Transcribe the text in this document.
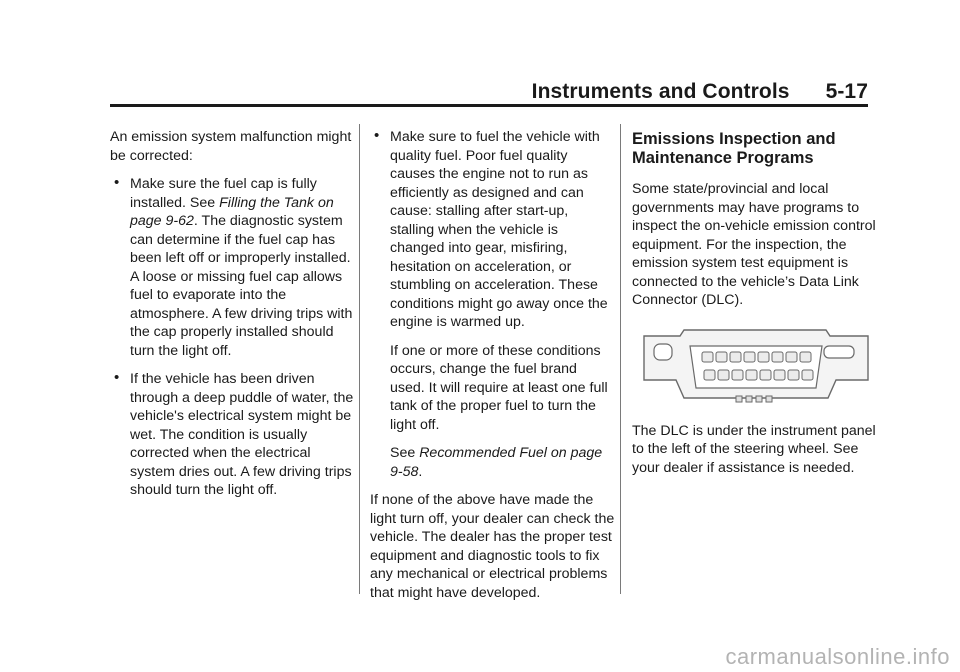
Instruments and Controls 5-17

An emission system malfunction might be corrected:

• Make sure the fuel cap is fully installed. See Filling the Tank on page 9-62. The diagnostic system can determine if the fuel cap has been left off or improperly installed. A loose or missing fuel cap allows fuel to evaporate into the atmosphere. A few driving trips with the cap properly installed should turn the light off.
• If the vehicle has been driven through a deep puddle of water, the vehicle's electrical system might be wet. The condition is usually corrected when the electrical system dries out. A few driving trips should turn the light off.
• Make sure to fuel the vehicle with quality fuel. Poor fuel quality causes the engine not to run as efficiently as designed and can cause: stalling after start-up, stalling when the vehicle is changed into gear, misfiring, hesitation on acceleration, or stumbling on acceleration. These conditions might go away once the engine is warmed up.

If one or more of these conditions occurs, change the fuel brand used. It will require at least one full tank of the proper fuel to turn the light off.

See Recommended Fuel on page 9-58.

If none of the above have made the light turn off, your dealer can check the vehicle. The dealer has the proper test equipment and diagnostic tools to fix any mechanical or electrical problems that might have developed.

Emissions Inspection and Maintenance Programs

Some state/provincial and local governments may have programs to inspect the on-vehicle emission control equipment. For the inspection, the emission system test equipment is connected to the vehicle’s Data Link Connector (DLC).

The DLC is under the instrument panel to the left of the steering wheel. See your dealer if assistance is needed.

carmanualsonline.info
